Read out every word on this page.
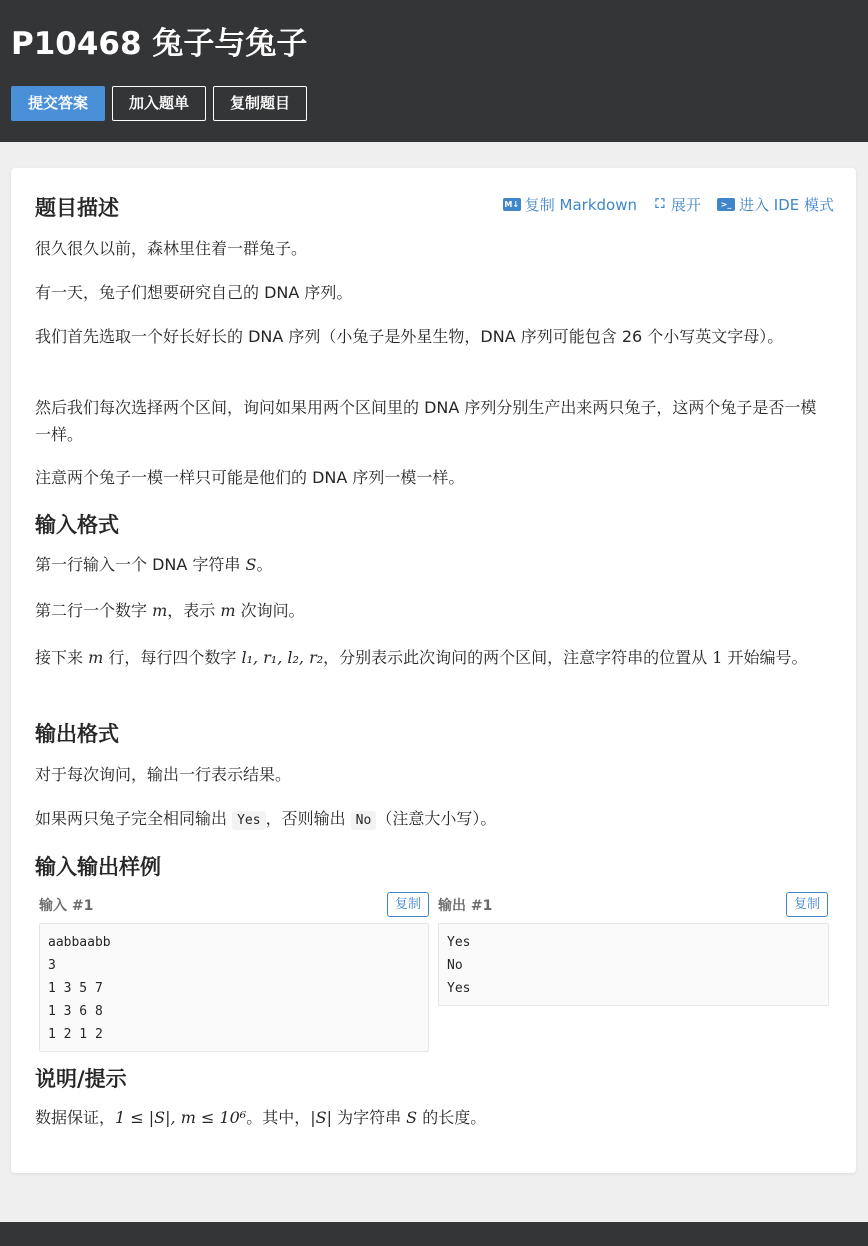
P10468 兔子与兔子
提交答案	加入题单	复制题目
题目描述	M↓ 复制 Markdown ⛶ 展开	>_ 进入 IDE 模式
很久很久以前，森林里住着一群兔子。
有一天，兔子们想要研究自己的 DNA 序列。
我们首先选取一个好长好长的 DNA 序列（小兔子是外星生物，DNA 序列可能包含 26 个小写英文字母）。
然后我们每次选择两个区间，询问如果用两个区间里的 DNA 序列分别生产出来两只兔子，这两个兔子是否一模一样。
注意两个兔子一模一样只可能是他们的 DNA 序列一模一样。
输入格式
第一行输入一个 DNA 字符串 S。
第二行一个数字 m，表示 m 次询问。
接下来 m 行，每行四个数字 l₁, r₁, l₂, r₂，分别表示此次询问的两个区间，注意字符串的位置从 1 开始编号。
输出格式
对于每次询问，输出一行表示结果。
如果两只兔子完全相同输出 Yes ，否则输出 No （注意大小写）。
输入输出样例
输入 #1	复制
aabbaabb
3
1 3 5 7
1 3 6 8
1 2 1 2
输出 #1	复制
Yes
No
Yes
说明/提示
数据保证，1 ≤ |S|, m ≤ 10⁶。其中，|S| 为字符串 S 的长度。
